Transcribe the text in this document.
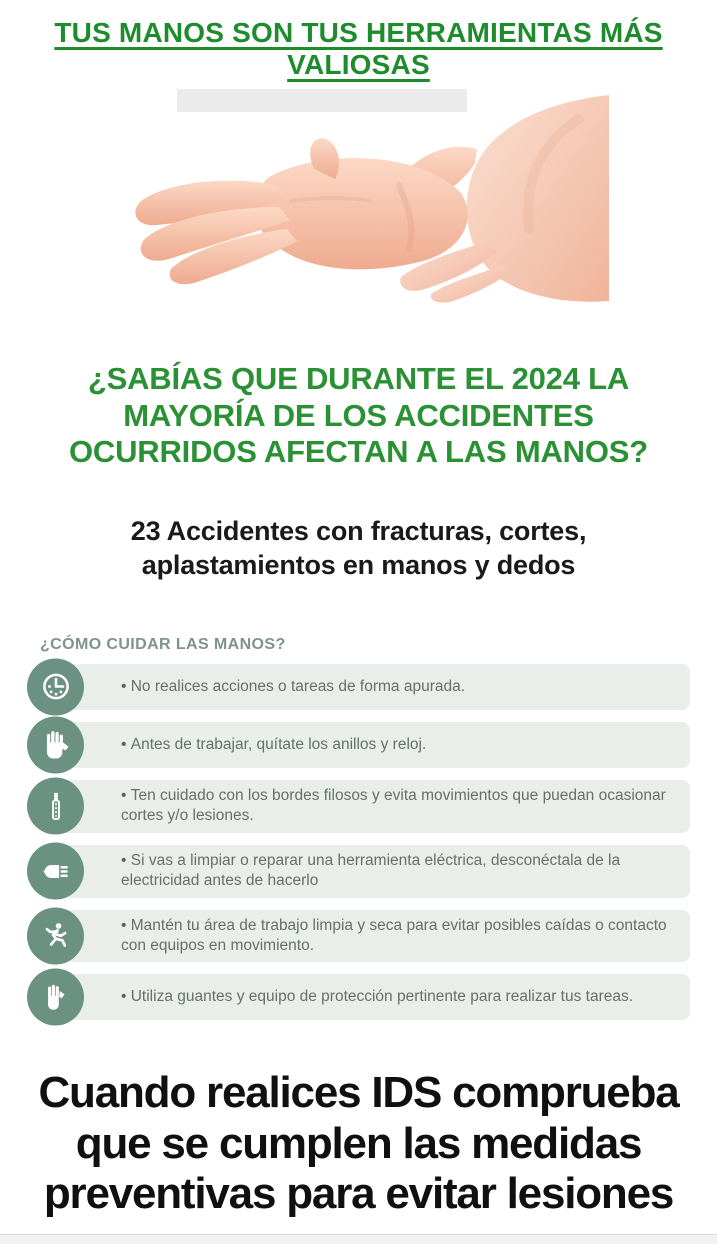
TUS MANOS SON TUS HERRAMIENTAS MÁS VALIOSAS
¿SABÍAS QUE DURANTE EL 2024 LA MAYORÍA DE LOS ACCIDENTES OCURRIDOS AFECTAN A LAS MANOS?

23 Accidentes con fracturas, cortes, aplastamientos en manos y dedos

¿CÓMO CUIDAR LAS MANOS?
• No realices acciones o tareas de forma apurada.
• Antes de trabajar, quítate los anillos y reloj.
• Ten cuidado con los bordes filosos y evita movimientos que puedan ocasionar cortes y/o lesiones.
• Si vas a limpiar o reparar una herramienta eléctrica, desconéctala de la electricidad antes de hacerlo
• Mantén tu área de trabajo limpia y seca para evitar posibles caídas o contacto con equipos en movimiento.
• Utiliza guantes y equipo de protección pertinente para realizar tus tareas.
Cuando realices IDS comprueba que se cumplen las medidas preventivas para evitar lesiones
